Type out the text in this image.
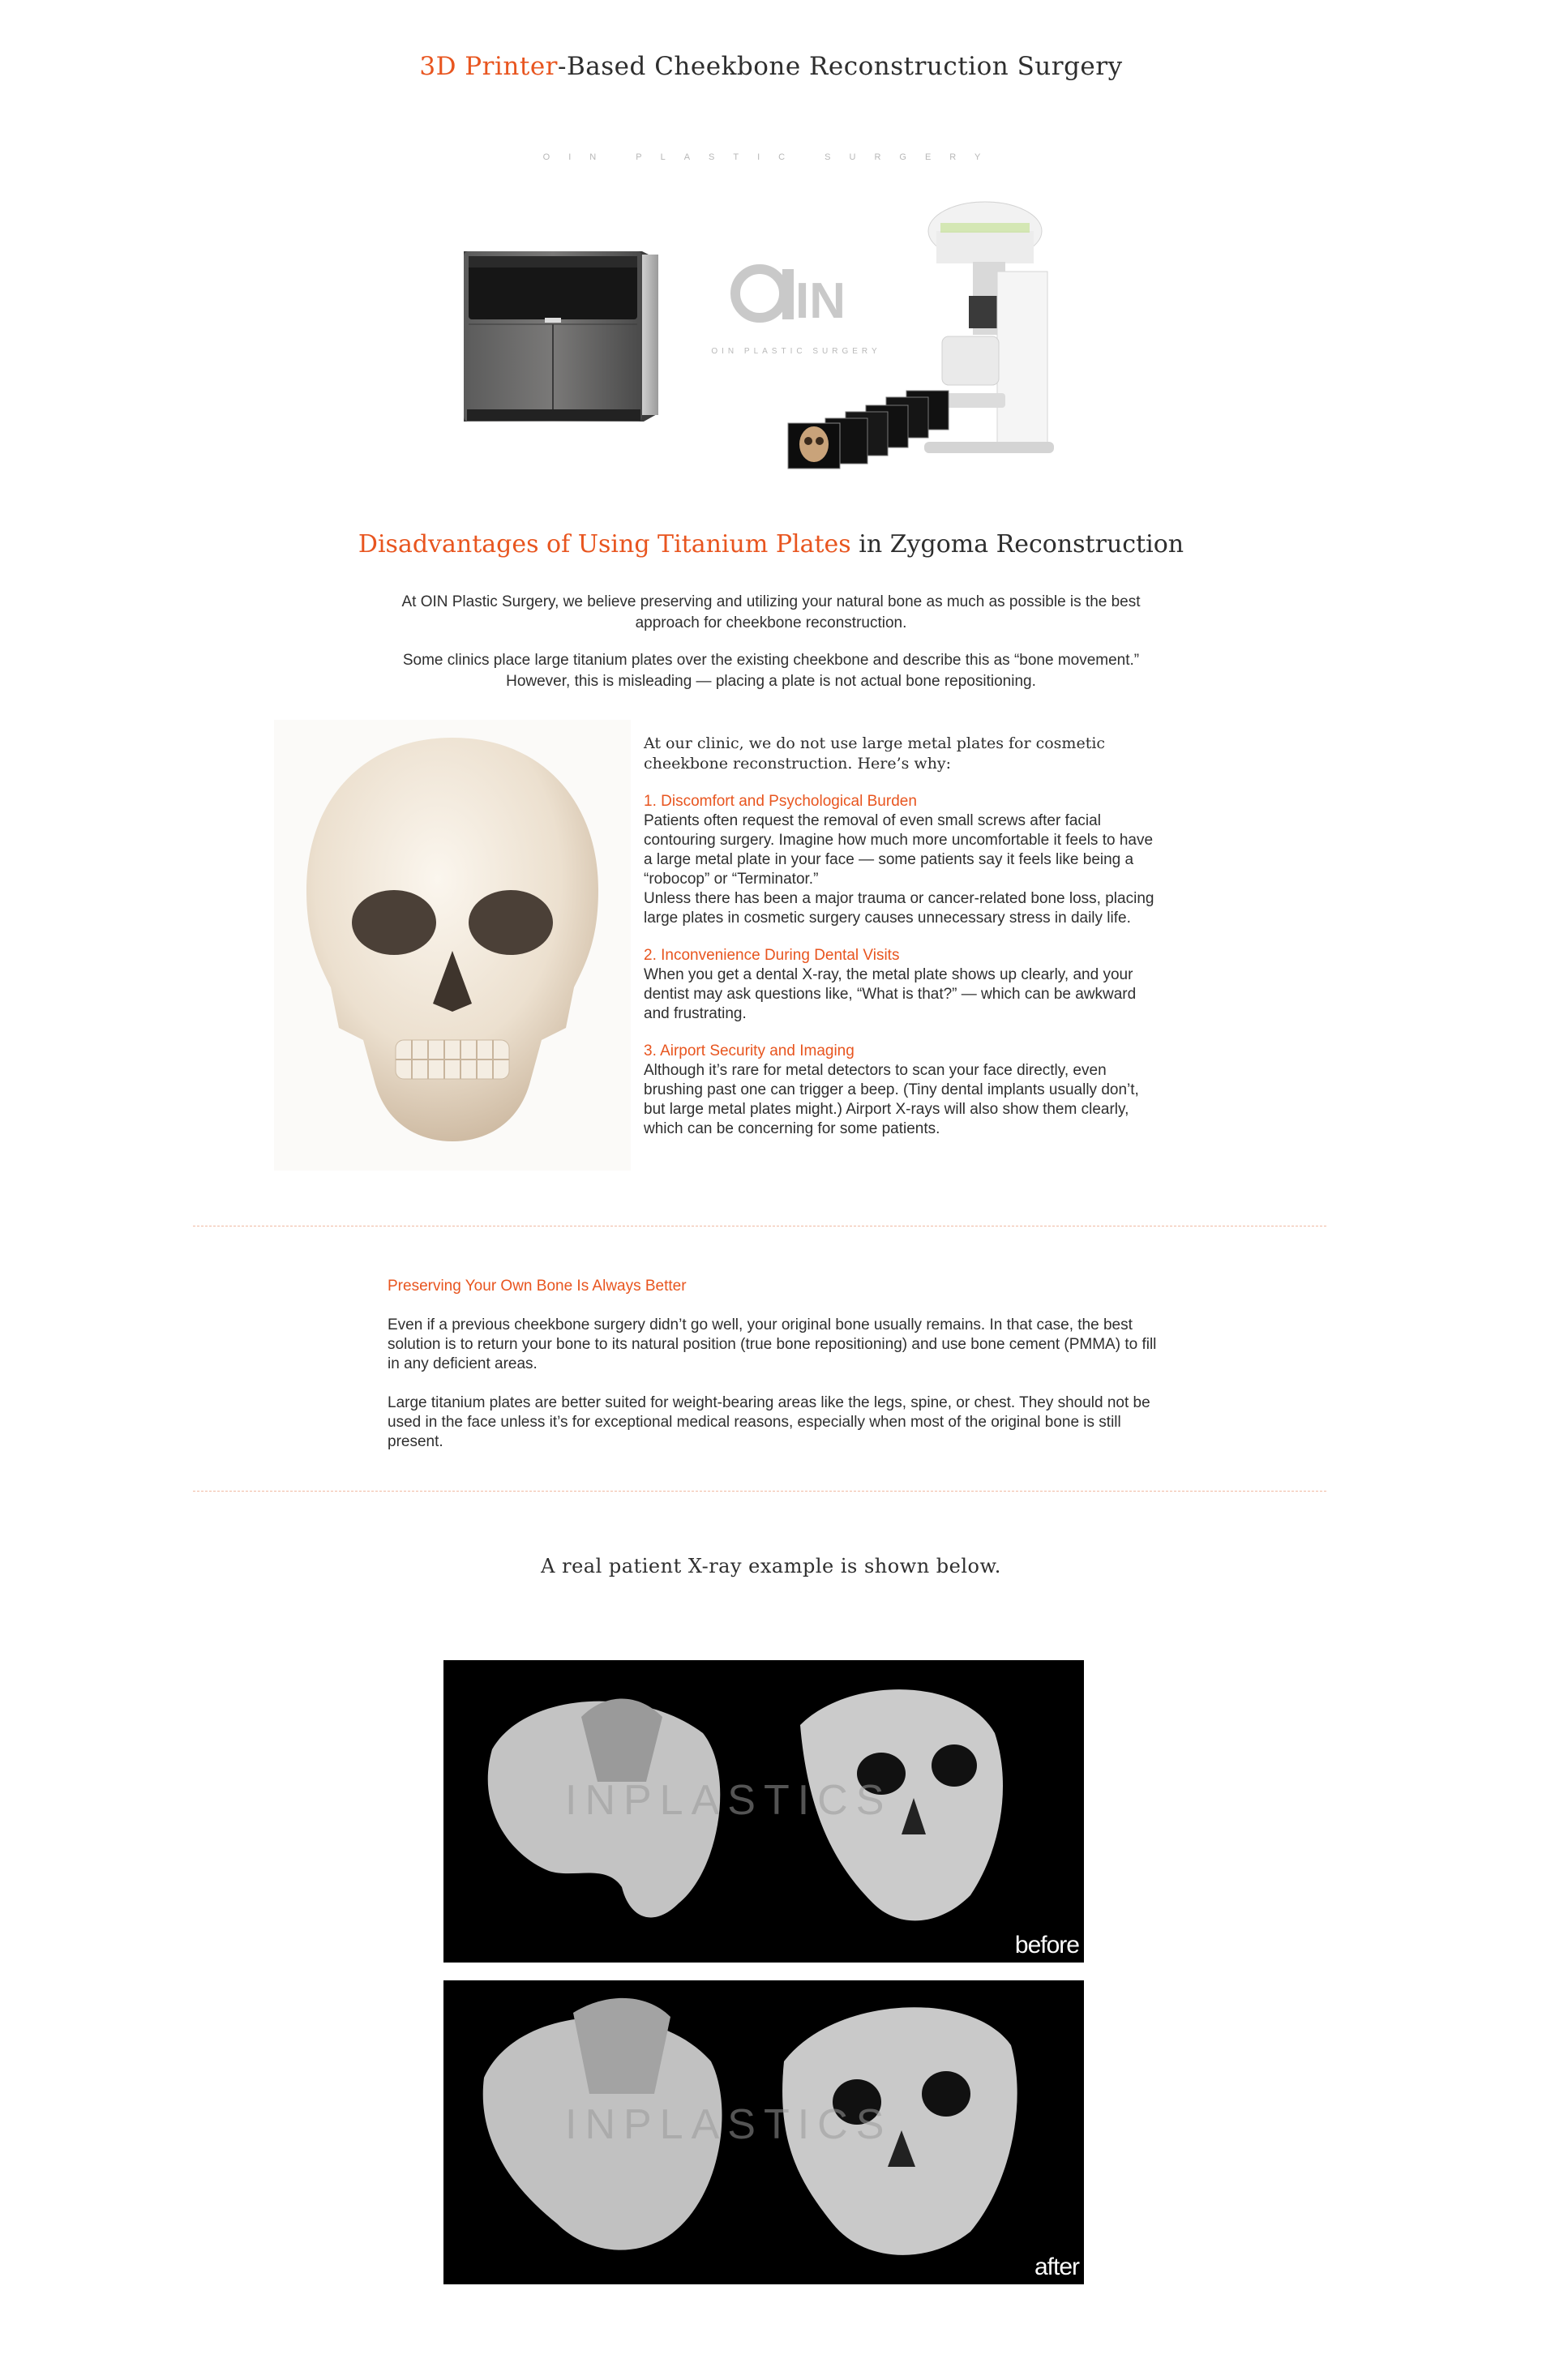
3D Printer-Based Cheekbone Reconstruction Surgery
OIN PLASTIC SURGERY
IN
OIN PLASTIC SURGERY
Disadvantages of Using Titanium Plates in Zygoma Reconstruction
At OIN Plastic Surgery, we believe preserving and utilizing your natural bone as much as possible is the best approach for cheekbone reconstruction.
Some clinics place large titanium plates over the existing cheekbone and describe this as “bone movement.” However, this is misleading — placing a plate is not actual bone repositioning.
At our clinic, we do not use large metal plates for cosmetic cheekbone reconstruction. Here’s why:
1. Discomfort and Psychological Burden
Patients often request the removal of even small screws after facial contouring surgery. Imagine how much more uncomfortable it feels to have a large metal plate in your face — some patients say it feels like being a “robocop” or “Terminator.”
Unless there has been a major trauma or cancer-related bone loss, placing large plates in cosmetic surgery causes unnecessary stress in daily life.
2. Inconvenience During Dental Visits
When you get a dental X-ray, the metal plate shows up clearly, and your dentist may ask questions like, “What is that?” — which can be awkward and frustrating.
3. Airport Security and Imaging
Although it’s rare for metal detectors to scan your face directly, even brushing past one can trigger a beep. (Tiny dental implants usually don’t, but large metal plates might.) Airport X-rays will also show them clearly, which can be concerning for some patients.
Preserving Your Own Bone Is Always Better

Even if a previous cheekbone surgery didn’t go well, your original bone usually remains. In that case, the best solution is to return your bone to its natural position (true bone repositioning) and use bone cement (PMMA) to fill in any deficient areas.

Large titanium plates are better suited for weight-bearing areas like the legs, spine, or chest. They should not be used in the face unless it’s for exceptional medical reasons, especially when most of the original bone is still present.

A real patient X-ray example is shown below.
INPLASTICS
before
INPLASTICS
after
